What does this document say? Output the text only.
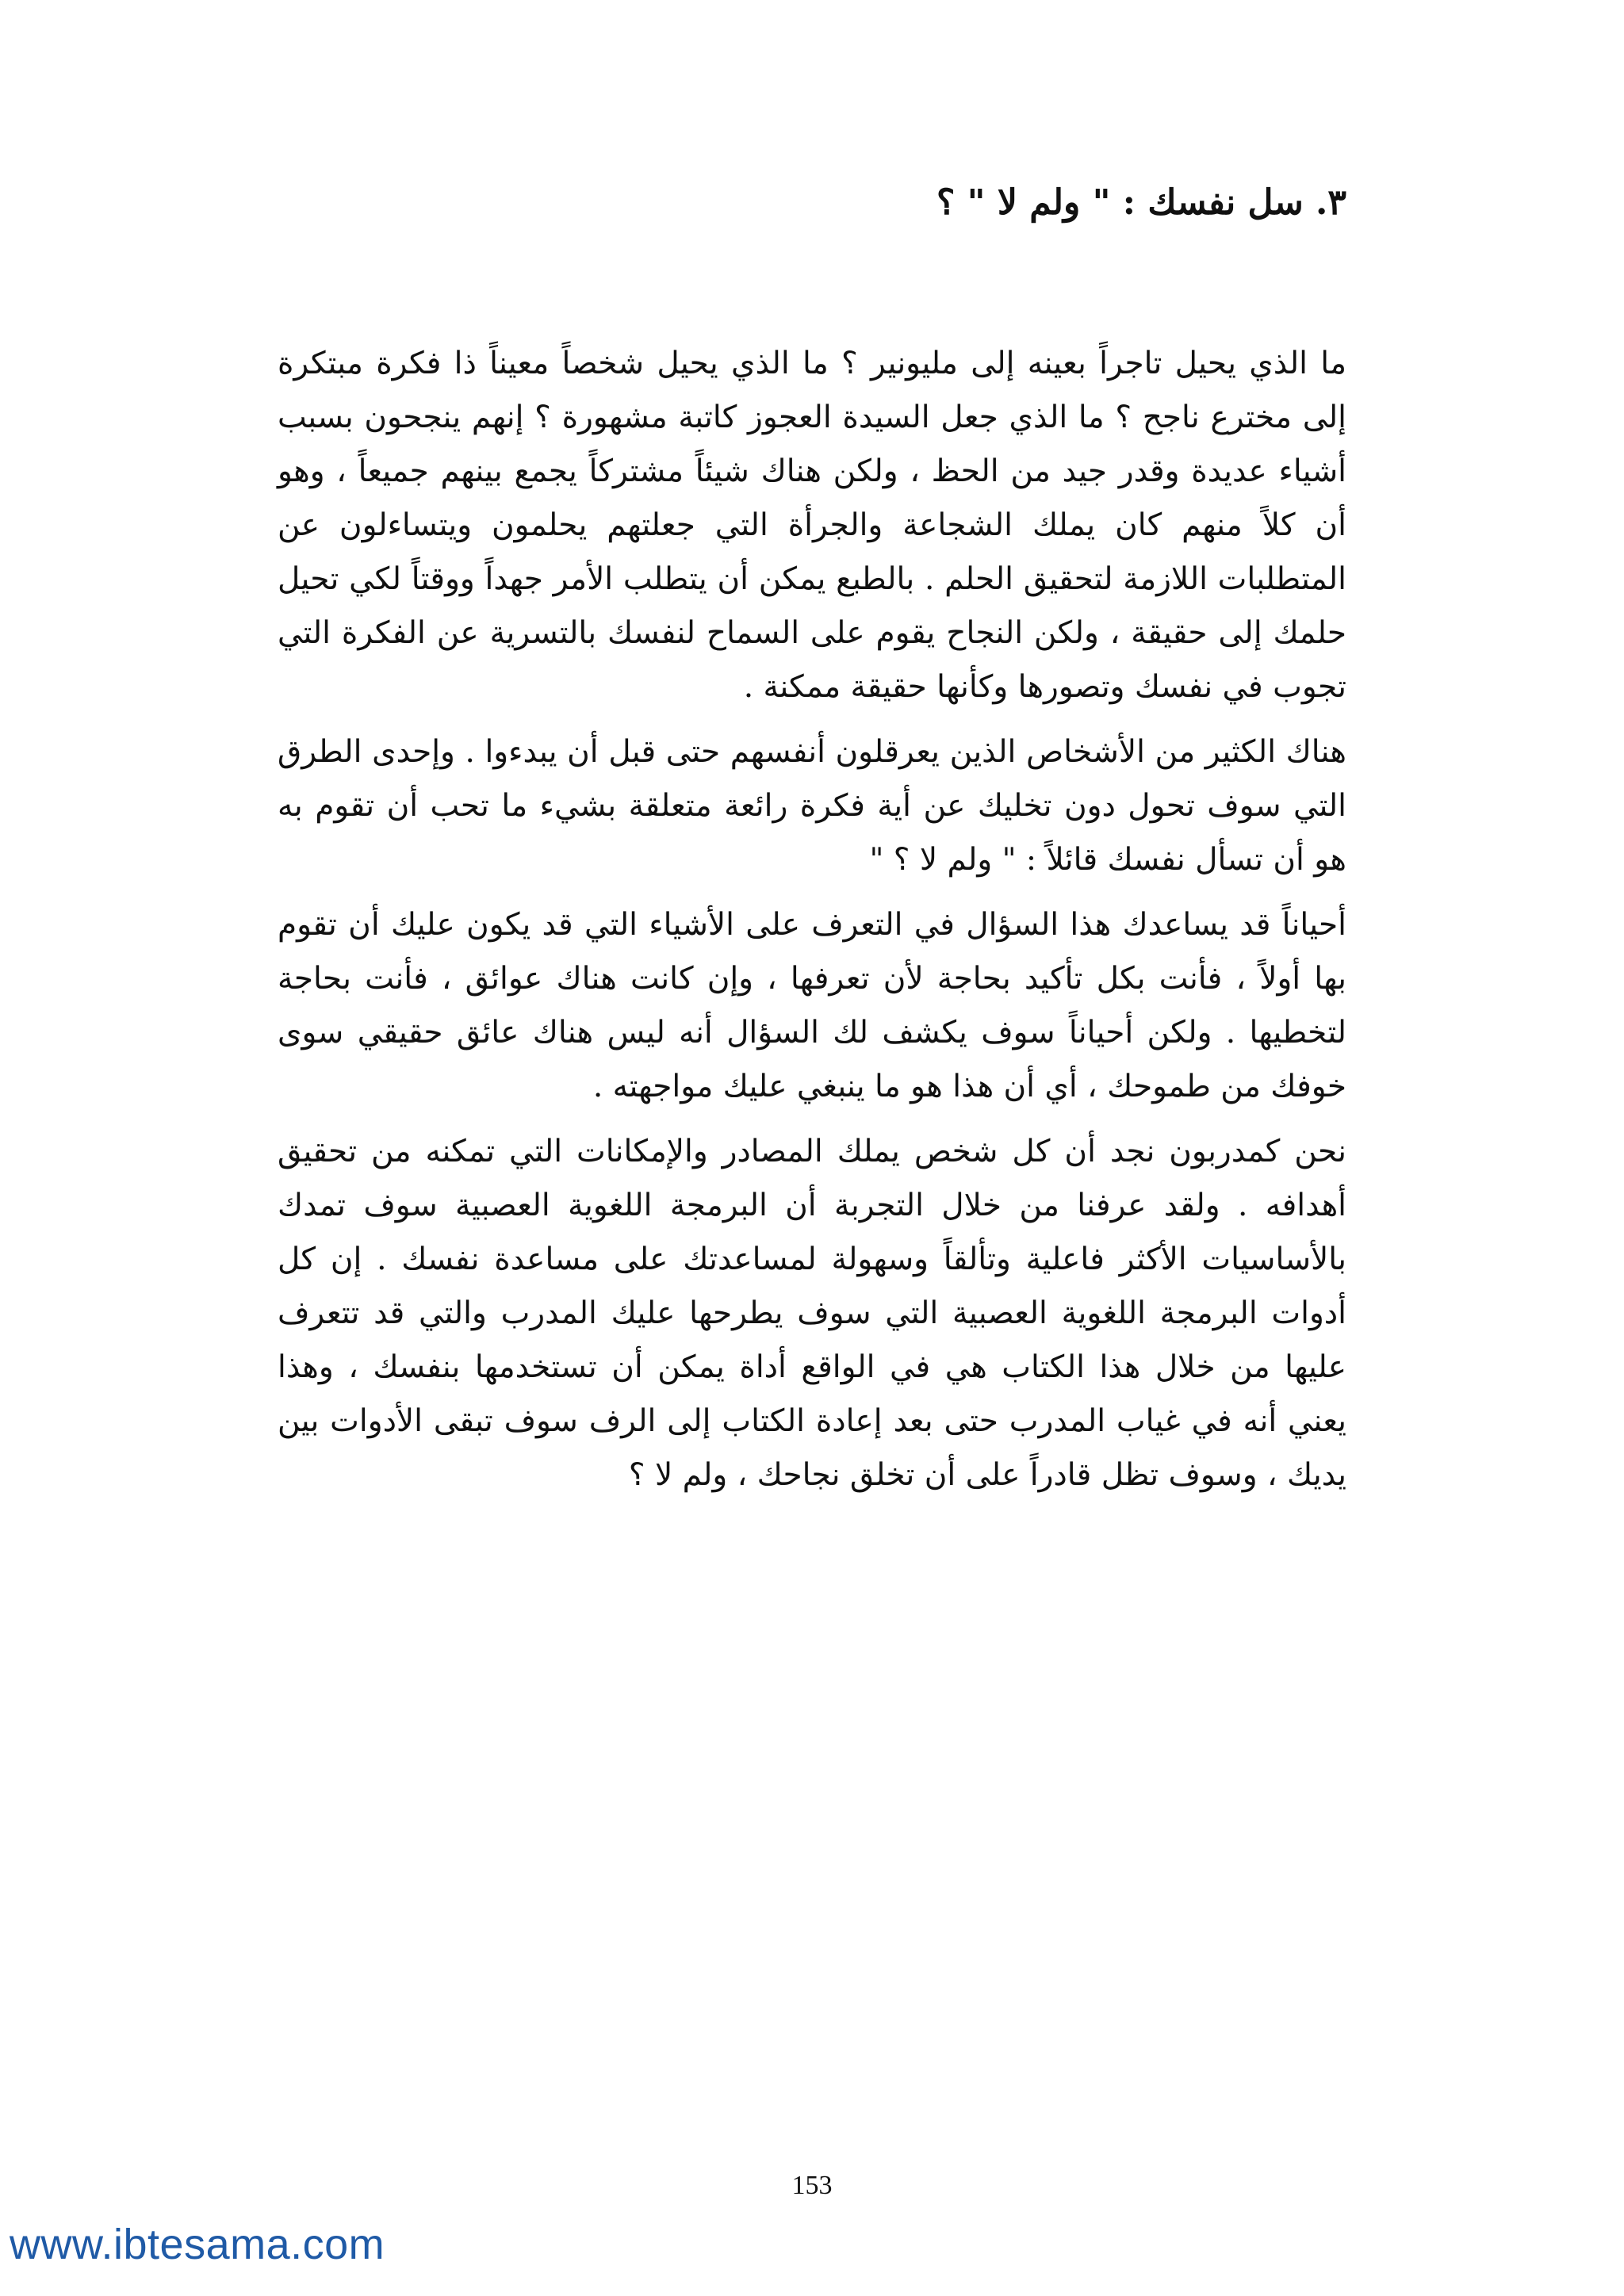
٣. سل نفسك : " ولم لا " ؟

ما الذي يحيل تاجراً بعينه إلى مليونير ؟ ما الذي يحيل شخصاً معيناً ذا فكرة مبتكرة إلى مخترع ناجح ؟ ما الذي جعل السيدة العجوز كاتبة مشهورة ؟ إنهم ينجحون بسبب أشياء عديدة وقدر جيد من الحظ ، ولكن هناك شيئاً مشتركاً يجمع بينهم جميعاً ، وهو أن كلاً منهم كان يملك الشجاعة والجرأة التي جعلتهم يحلمون ويتساءلون عن المتطلبات اللازمة لتحقيق الحلم . بالطبع يمكن أن يتطلب الأمر جهداً ووقتاً لكي تحيل حلمك إلى حقيقة ، ولكن النجاح يقوم على السماح لنفسك بالتسرية عن الفكرة التي تجوب في نفسك وتصورها وكأنها حقيقة ممكنة .

هناك الكثير من الأشخاص الذين يعرقلون أنفسهم حتى قبل أن يبدءوا . وإحدى الطرق التي سوف تحول دون تخليك عن أية فكرة رائعة متعلقة بشيء ما تحب أن تقوم به هو أن تسأل نفسك قائلاً : " ولم لا ؟ "

أحياناً قد يساعدك هذا السؤال في التعرف على الأشياء التي قد يكون عليك أن تقوم بها أولاً ، فأنت بكل تأكيد بحاجة لأن تعرفها ، وإن كانت هناك عوائق ، فأنت بحاجة لتخطيها . ولكن أحياناً سوف يكشف لك السؤال أنه ليس هناك عائق حقيقي سوى خوفك من طموحك ، أي أن هذا هو ما ينبغي عليك مواجهته .

نحن كمدربون نجد أن كل شخص يملك المصادر والإمكانات التي تمكنه من تحقيق أهدافه . ولقد عرفنا من خلال التجربة أن البرمجة اللغوية العصبية سوف تمدك بالأساسيات الأكثر فاعلية وتألقاً وسهولة لمساعدتك على مساعدة نفسك . إن كل أدوات البرمجة اللغوية العصبية التي سوف يطرحها عليك المدرب والتي قد تتعرف عليها من خلال هذا الكتاب هي في الواقع أداة يمكن أن تستخدمها بنفسك ، وهذا يعني أنه في غياب المدرب حتى بعد إعادة الكتاب إلى الرف سوف تبقى الأدوات بين يديك ، وسوف تظل قادراً على أن تخلق نجاحك ، ولم لا ؟

153
www.ibtesama.com
